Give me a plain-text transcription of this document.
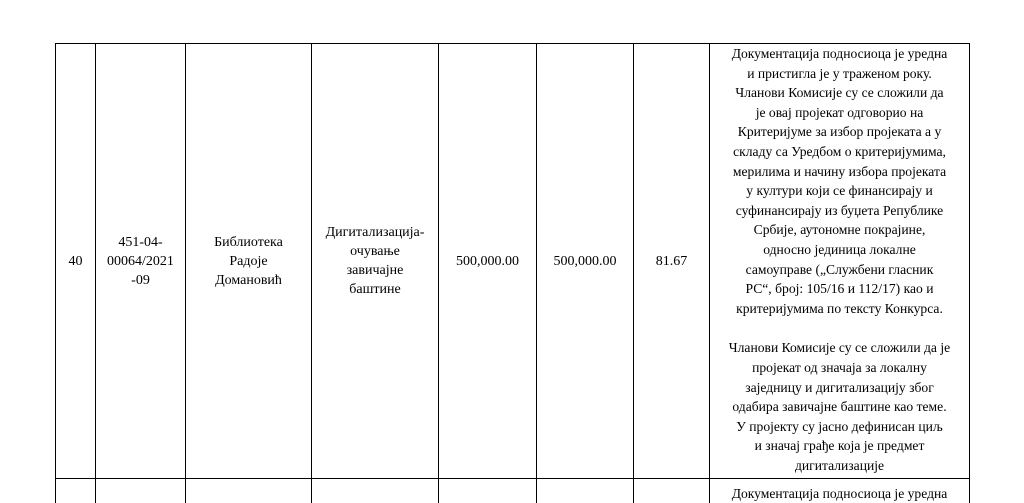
40
451-04-
00064/2021
-09
Библиотека
Радоје
Домановић
Дигитализација-
очување
завичајне
баштине
500,000.00 500,000.00	81.67

Документација подносиоца је уредна
и пристигла је у траженом року.
Чланови Комисије су се сложили да
је овај пројекат одговорио на
Критеријуме за избор пројеката а у
складу са Уредбом о критеријумима,
мерилима и начину избора пројеката
у култури који се финансирају и
суфинансирају из буџета Републике
Србије, аутономне покрајине,
односно јединица локалне
самоуправе („Службени гласник
РС“, број: 105/16 и 112/17) као и
критеријумима по тексту Конкурса.

Чланови Комисије су се сложили да је
пројекат од значаја за локалну
заједницу и дигитализацију због
одабира завичајне баштине као теме.
У пројекту су јасно дефинисан циљ
и значај грађе која је предмет
дигитализације

Документација подносиоца је уредна
